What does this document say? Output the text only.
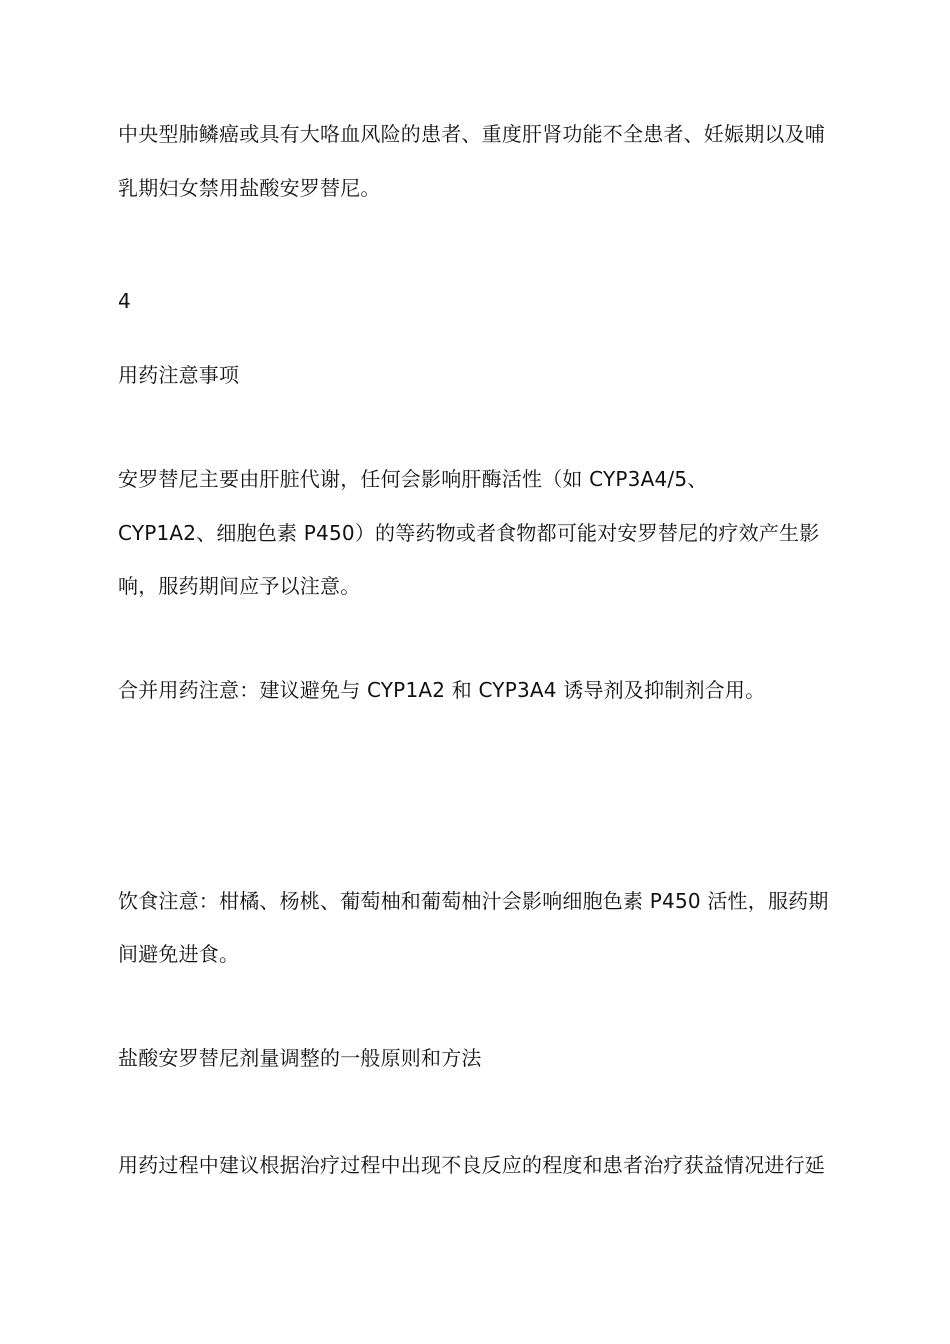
中央型肺鳞癌或具有大咯血风险的患者、重度肝肾功能不全患者、妊娠期以及哺
乳期妇女禁用盐酸安罗替尼。
4
用药注意事项
安罗替尼主要由肝脏代谢，任何会影响肝酶活性（如 CYP3A4/5、
CYP1A2、细胞色素 P450）的等药物或者食物都可能对安罗替尼的疗效产生影
响，服药期间应予以注意。
合并用药注意：建议避免与 CYP1A2 和 CYP3A4 诱导剂及抑制剂合用。
饮食注意：柑橘、杨桃、葡萄柚和葡萄柚汁会影响细胞色素 P450 活性，服药期
间避免进食。
盐酸安罗替尼剂量调整的一般原则和方法
用药过程中建议根据治疗过程中出现不良反应的程度和患者治疗获益情况进行延
